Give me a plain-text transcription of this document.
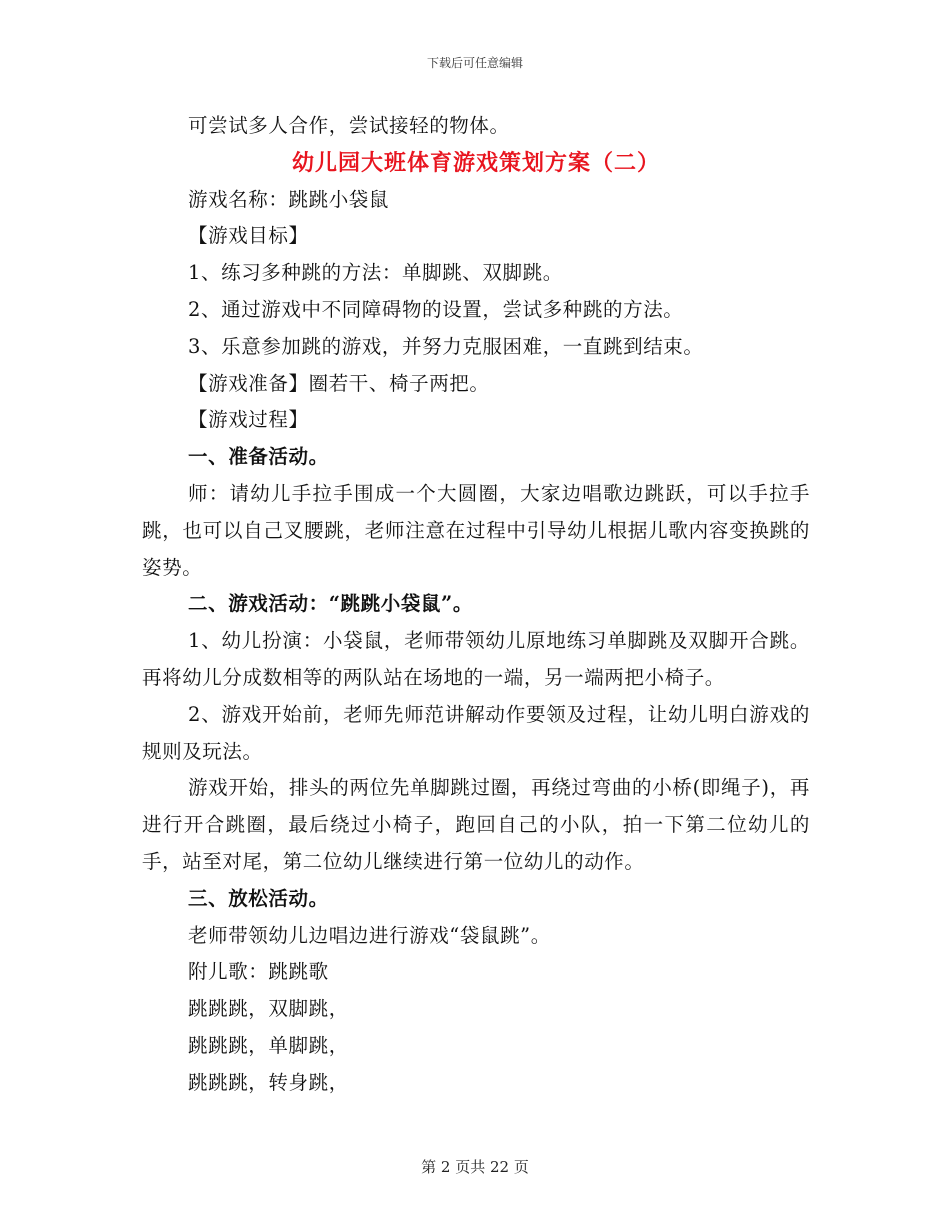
下载后可任意编辑
可尝试多人合作，尝试接轻的物体。
幼儿园大班体育游戏策划方案（二）
游戏名称：跳跳小袋鼠
【游戏目标】
1、练习多种跳的方法：单脚跳、双脚跳。
2、通过游戏中不同障碍物的设置，尝试多种跳的方法。
3、乐意参加跳的游戏，并努力克服困难，一直跳到结束。
【游戏准备】圈若干、椅子两把。
【游戏过程】
一、准备活动。
师：请幼儿手拉手围成一个大圆圈，大家边唱歌边跳跃，可以手拉手跳，也可以自己叉腰跳，老师注意在过程中引导幼儿根据儿歌内容变换跳的姿势。
二、游戏活动：“跳跳小袋鼠”。
1、幼儿扮演：小袋鼠，老师带领幼儿原地练习单脚跳及双脚开合跳。再将幼儿分成数相等的两队站在场地的一端，另一端两把小椅子。
2、游戏开始前，老师先师范讲解动作要领及过程，让幼儿明白游戏的规则及玩法。
游戏开始，排头的两位先单脚跳过圈，再绕过弯曲的小桥(即绳子)，再进行开合跳圈，最后绕过小椅子，跑回自己的小队，拍一下第二位幼儿的手，站至对尾，第二位幼儿继续进行第一位幼儿的动作。
三、放松活动。
老师带领幼儿边唱边进行游戏“袋鼠跳”。
附儿歌：跳跳歌
跳跳跳，双脚跳，
跳跳跳，单脚跳，
跳跳跳，转身跳，
第 2 页共 22 页
